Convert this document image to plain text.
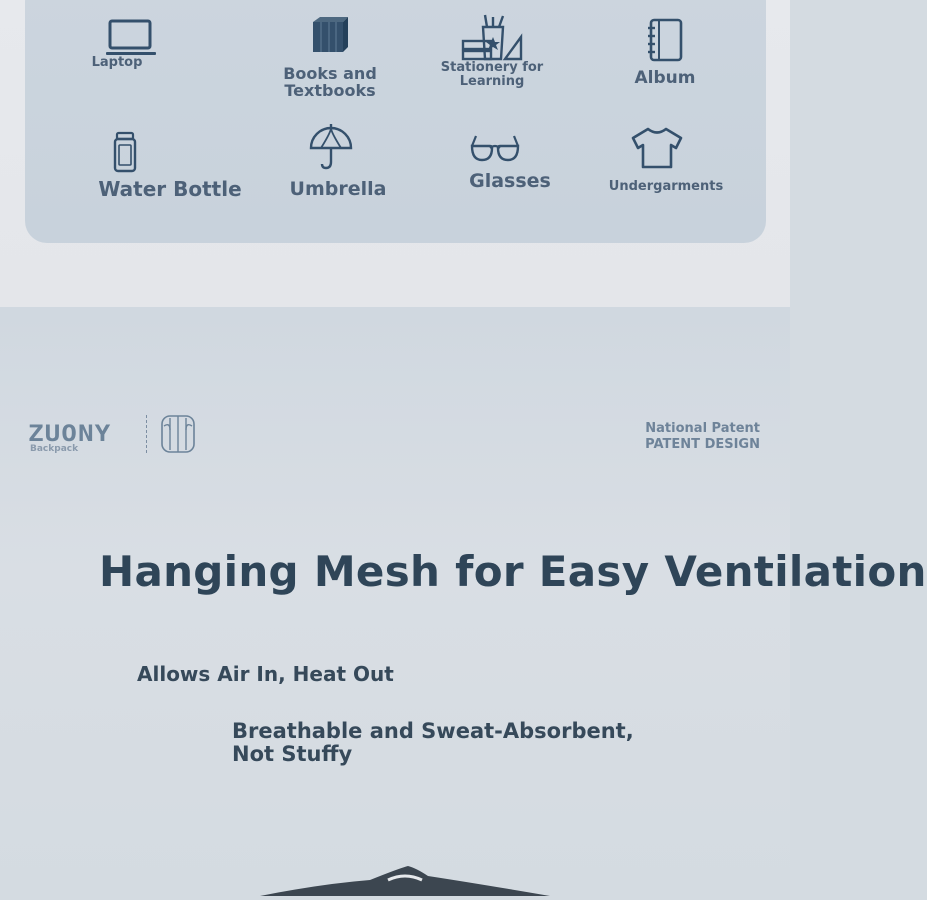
Laptop
Books and
Textbooks
Stationery for
Learning	Album
Water Bottle	Umbrella	Glasses	Undergarments
ZUONY
Backpack
National Patent
PATENT DESIGN
Hanging Mesh for Easy Ventilation
Allows Air In, Heat Out
Breathable and Sweat-Absorbent,
Not Stuffy
